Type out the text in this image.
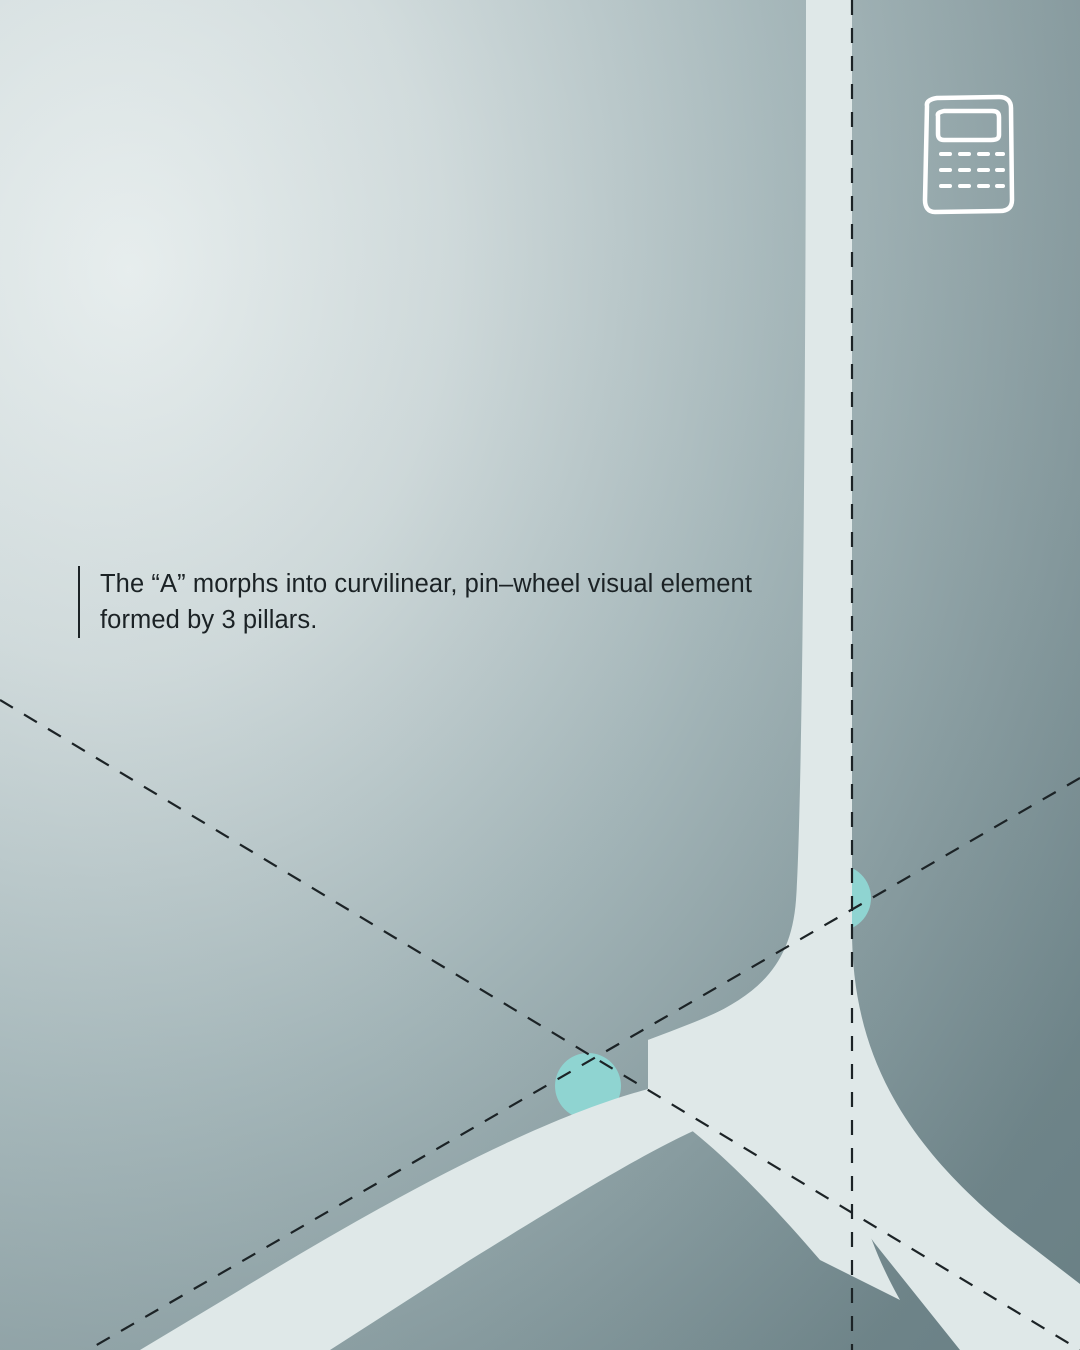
The “A” morphs into curvilinear, pin–wheel visual element formed by 3 pillars.
